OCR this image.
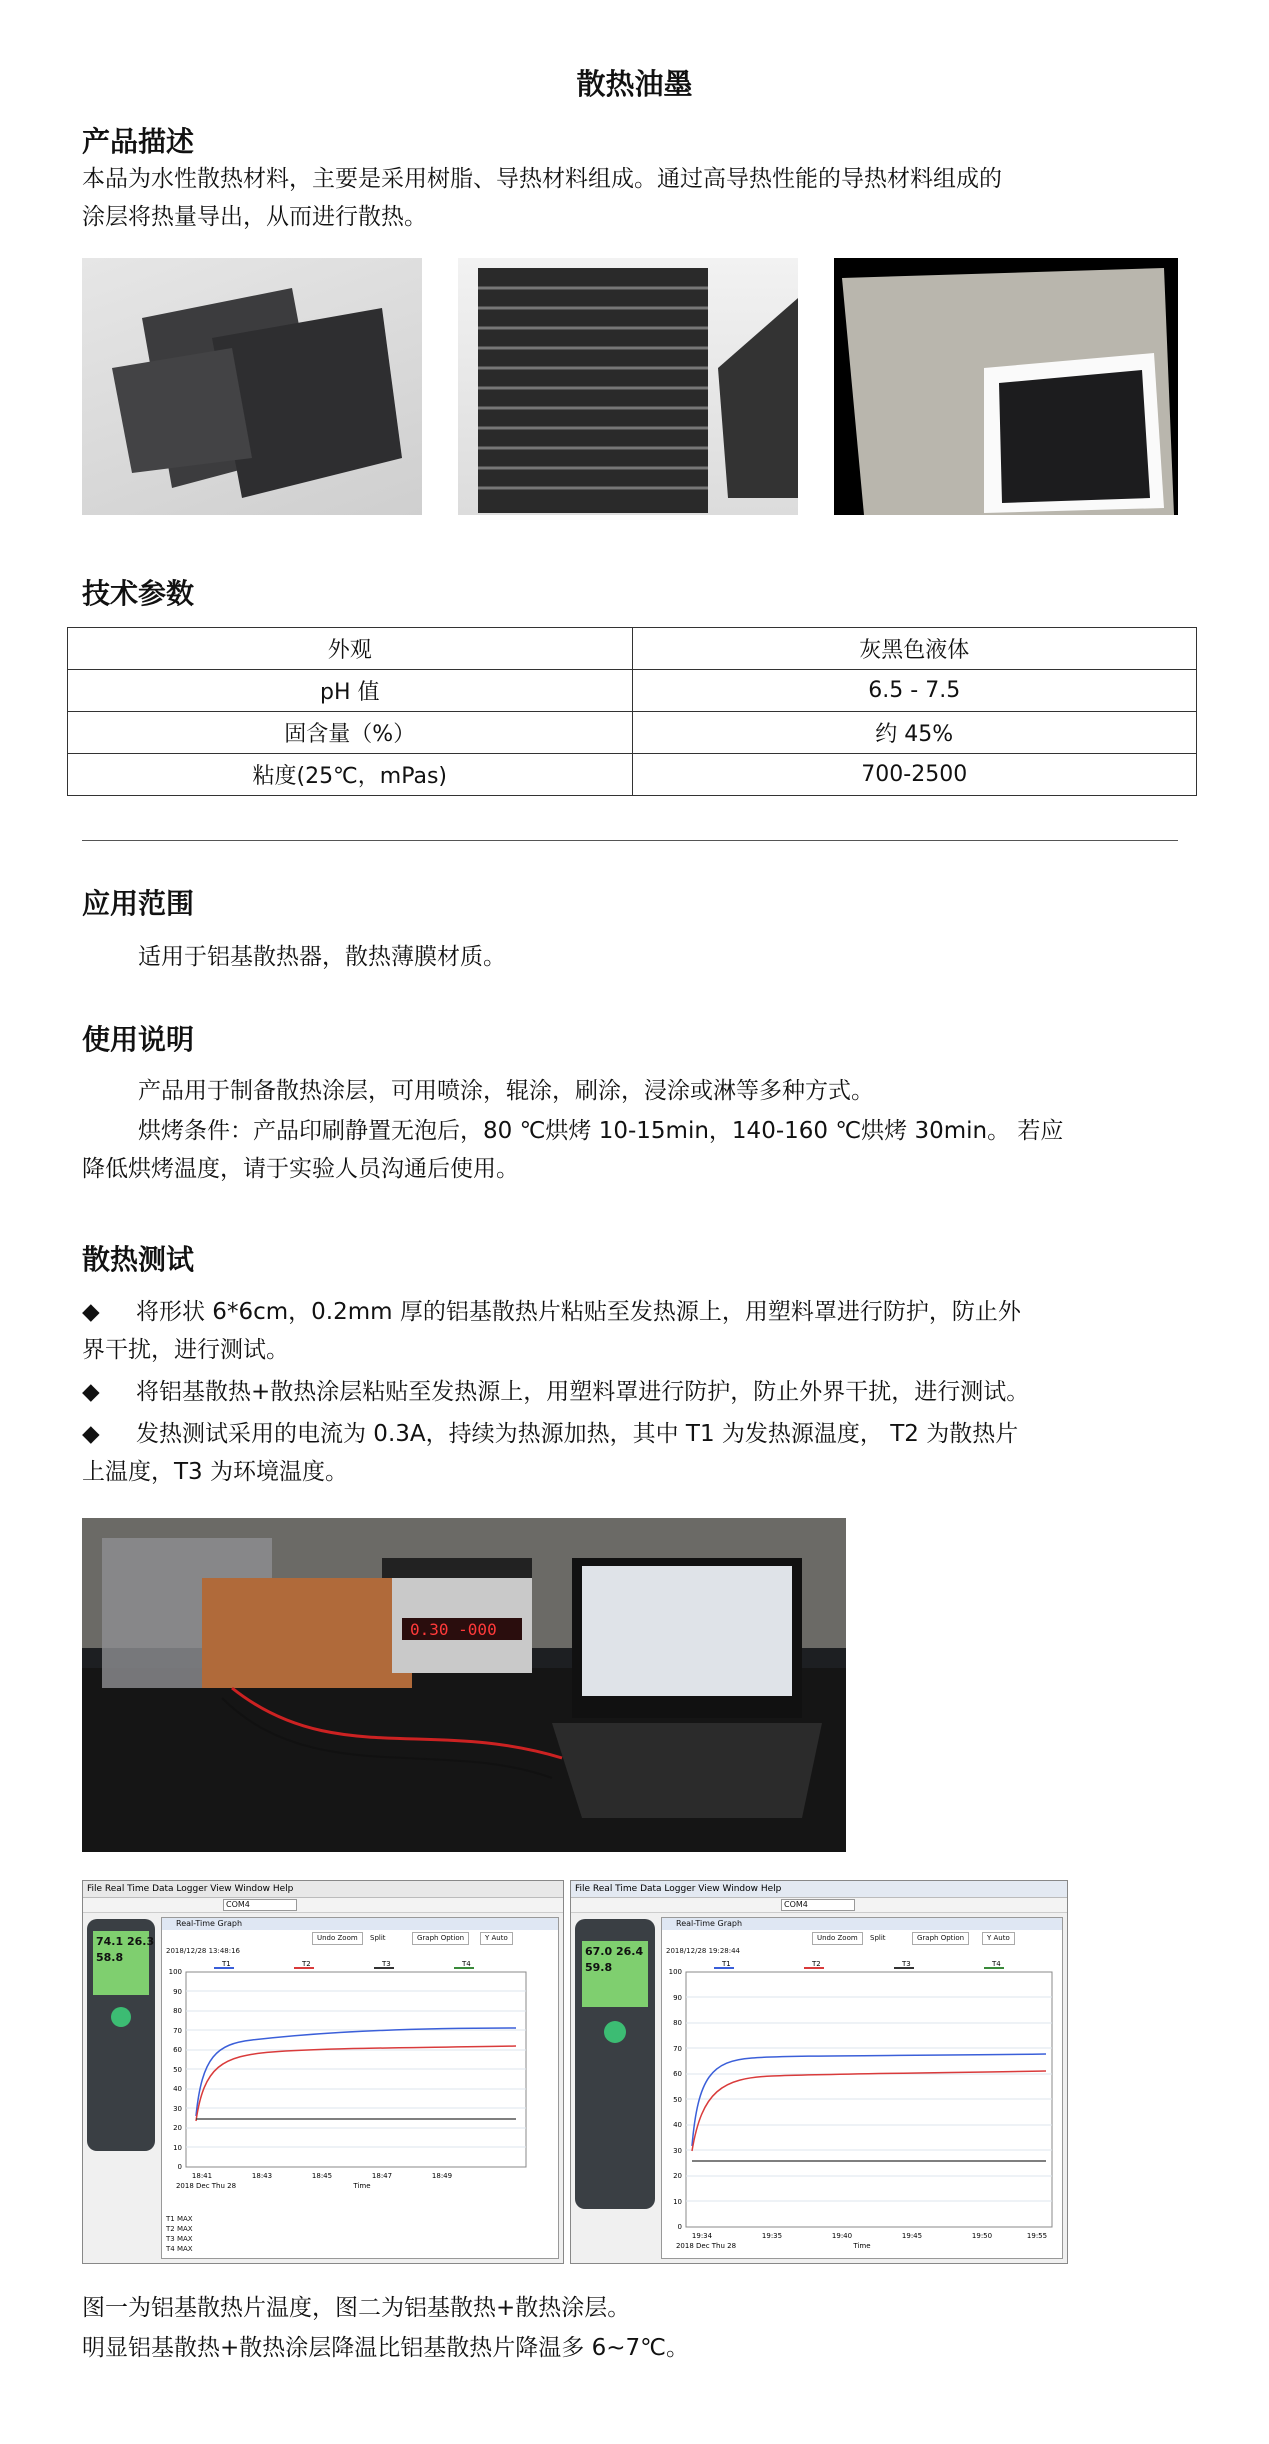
散热油墨
产品描述
本品为水性散热材料，主要是采用树脂、导热材料组成。通过高导热性能的导热材料组成的
涂层将热量导出，从而进行散热。
技术参数
外观	灰黑色液体
pH 值	6.5 - 7.5
固含量（%）	约 45%
粘度(25℃，mPas)	700-2500
应用范围
适用于铝基散热器，散热薄膜材质。
使用说明
产品用于制备散热涂层，可用喷涂，辊涂，刷涂，浸涂或淋等多种方式。
烘烤条件：产品印刷静置无泡后，80 ℃烘烤 10-15min，140-160 ℃烘烤 30min。 若应
降低烘烤温度，请于实验人员沟通后使用。
散热测试
◆ 将形状 6*6cm，0.2mm 厚的铝基散热片粘贴至发热源上，用塑料罩进行防护，防止外
界干扰，进行测试。
◆ 将铝基散热+散热涂层粘贴至发热源上，用塑料罩进行防护，防止外界干扰，进行测试。
◆ 发热测试采用的电流为 0.3A，持续为热源加热，其中 T1 为发热源温度， T2 为散热片
上温度，T3 为环境温度。
0.30 -000
File Real Time Data Logger View Window Help
COM4
74.1 26.3
58.8
Real-Time Graph
Undo Zoom	Split	Graph Option	Y Auto
2018/12/28 13:48:16
T1	T2	T3	T4
100
90
80
70
60
50
40
30
20
10
0
18:41	18:43	18:45	18:47	18:49
Time
2018 Dec Thu 28
T1 MAX
T2 MAX
T3 MAX
T4 MAX
File Real Time Data Logger View Window Help
COM4
67.0 26.4
59.8
Real-Time Graph
Undo Zoom	Split	Graph Option	Y Auto
2018/12/28 19:28:44
T1	T2	T3	T4
100
90
80
70
60
50
40
30
20
10
0
19:34	19:35	19:40	19:45	19:50	19:55
Time
2018 Dec Thu 28
图一为铝基散热片温度，图二为铝基散热+散热涂层。
明显铝基散热+散热涂层降温比铝基散热片降温多 6~7℃。
